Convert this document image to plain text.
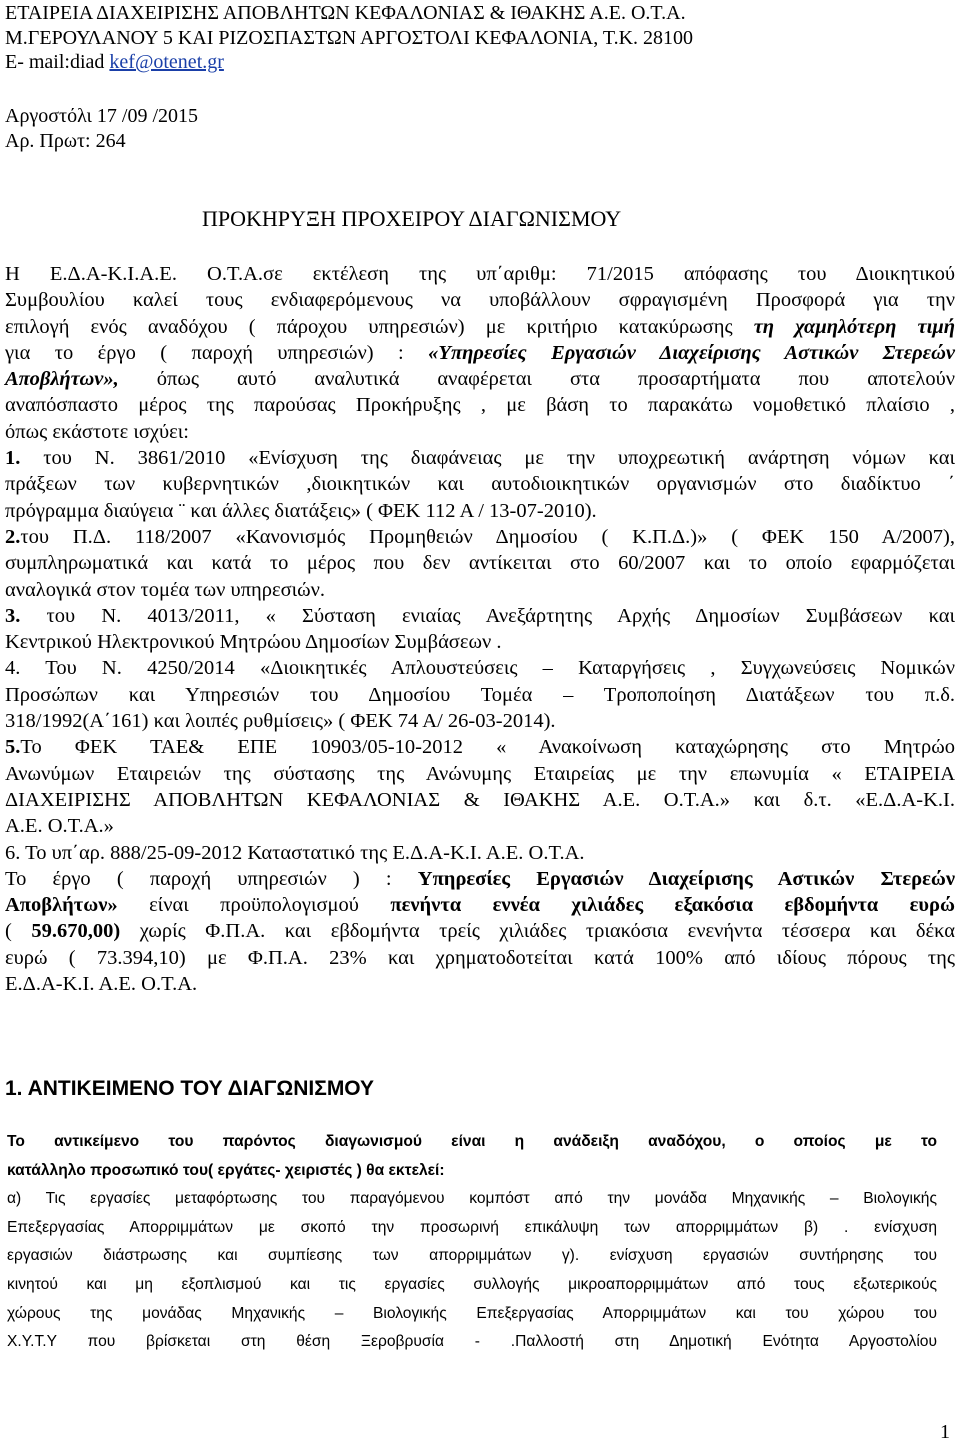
ΕΤΑΙΡΕΙΑ ΔΙΑΧΕΙΡΙΣΗΣ ΑΠΟΒΛΗΤΩΝ ΚΕΦΑΛΟΝΙΑΣ & ΙΘΑΚΗΣ Α.Ε. Ο.Τ.Α.
Μ.ΓΕΡΟΥΛΑΝΟΥ 5 ΚΑΙ ΡΙΖΟΣΠΑΣΤΩΝ ΑΡΓΟΣΤΟΛΙ ΚΕΦΑΛΟΝΙΑ, Τ.Κ. 28100
E- mail:diad kef@otenet.gr
Αργοστόλι 17 /09 /2015
Αρ. Πρωτ: 264
ΠΡΟΚΗΡΥΞΗ ΠΡΟΧΕΙΡΟΥ ΔΙΑΓΩΝΙΣΜΟΥ
Η Ε.Δ.Α-Κ.Ι.Α.Ε. Ο.Τ.Α.σε εκτέλεση της υπ΄αριθμ: 71/2015 απόφασης του Διοικητικού
Συμβουλίου καλεί τους ενδιαφερόμενους να υποβάλλουν σφραγισμένη Προσφορά για την
επιλογή ενός αναδόχου ( πάροχου υπηρεσιών) με κριτήριο κατακύρωσης τη χαμηλότερη τιμή
για το έργο ( παροχή υπηρεσιών) : «Υπηρεσίες Εργασιών Διαχείρισης Αστικών Στερεών
Αποβλήτων», όπως αυτό αναλυτικά αναφέρεται στα προσαρτήματα που αποτελούν
αναπόσπαστο μέρος της παρούσας Προκήρυξης , με βάση το παρακάτω νομοθετικό πλαίσιο ,
όπως εκάστοτε ισχύει:
1. του Ν. 3861/2010 «Ενίσχυση της διαφάνειας με την υποχρεωτική ανάρτηση νόμων και
πράξεων των κυβερνητικών ,διοικητικών και αυτοδιοικητικών οργανισμών στο διαδίκτυο ΄
πρόγραμμα διαύγεια ¨ και άλλες διατάξεις» ( ΦΕΚ 112 Α / 13-07-2010).
2.του Π.Δ. 118/2007 «Κανονισμός Προμηθειών Δημοσίου ( Κ.Π.Δ.)» ( ΦΕΚ 150 Α/2007),
συμπληρωματικά και κατά το μέρος που δεν αντίκειται στο 60/2007 και το οποίο εφαρμόζεται
αναλογικά στον τομέα των υπηρεσιών.
3. του Ν. 4013/2011, « Σύσταση ενιαίας Ανεξάρτητης Αρχής Δημοσίων Συμβάσεων και
Κεντρικού Ηλεκτρονικού Μητρώου Δημοσίων Συμβάσεων .
4. Του Ν. 4250/2014 «Διοικητικές Απλουστεύσεις – Καταργήσεις , Συγχωνεύσεις Νομικών
Προσώπων και Υπηρεσιών του Δημοσίου Τομέα – Τροποποίηση Διατάξεων του π.δ.
318/1992(Α΄161) και λοιπές ρυθμίσεις» ( ΦΕΚ 74 Α/ 26-03-2014).
5.Το ΦΕΚ ΤΑΕ& ΕΠΕ 10903/05-10-2012 « Ανακοίνωση καταχώρησης στο Μητρώο
Ανωνύμων Εταιρειών της σύστασης της Ανώνυμης Εταιρείας με την επωνυμία « ΕΤΑΙΡΕΙΑ
ΔΙΑΧΕΙΡΙΣΗΣ ΑΠΟΒΛΗΤΩΝ ΚΕΦΑΛΟΝΙΑΣ & ΙΘΑΚΗΣ Α.Ε. Ο.Τ.Α.» και δ.τ. «Ε.Δ.Α-Κ.Ι.
Α.Ε. Ο.Τ.Α.»
6. Το υπ΄αρ. 888/25-09-2012 Καταστατικό της Ε.Δ.Α-Κ.Ι. Α.Ε. Ο.Τ.Α.
Το έργο ( παροχή υπηρεσιών ) : Υπηρεσίες Εργασιών Διαχείρισης Αστικών Στερεών
Αποβλήτων» είναι προϋπολογισμού πενήντα εννέα χιλιάδες εξακόσια εβδομήντα ευρώ
( 59.670,00) χωρίς Φ.Π.Α. και εβδομήντα τρείς χιλιάδες τριακόσια ενενήντα τέσσερα και δέκα
ευρώ ( 73.394,10) με Φ.Π.Α. 23% και χρηματοδοτείται κατά 100% από ιδίους πόρους της
Ε.Δ.Α-Κ.Ι. Α.Ε. Ο.Τ.Α.
1. ΑΝΤΙΚΕΙΜΕΝΟ ΤΟΥ ΔΙΑΓΩΝΙΣΜΟΥ
Το αντικείμενο του παρόντος διαγωνισμού είναι η ανάδειξη αναδόχου, ο οποίος με το
κατάλληλο προσωπικό του( εργάτες- χειριστές ) θα εκτελεί:
α) Τις εργασίες μεταφόρτωσης του παραγόμενου κομπόστ από την μονάδα Μηχανικής – Βιολογικής
Επεξεργασίας Απορριμμάτων με σκοπό την προσωρινή επικάλυψη των απορριμμάτων β) . ενίσχυση
εργασιών διάστρωσης και συμπίεσης των απορριμμάτων γ). ενίσχυση εργασιών συντήρησης του
κινητού και μη εξοπλισμού και τις εργασίες συλλογής μικροαπορριμμάτων από τους εξωτερικούς
χώρους της μονάδας Μηχανικής – Βιολογικής Επεξεργασίας Απορριμμάτων και του χώρου του
Χ.Υ.Τ.Υ που βρίσκεται στη θέση Ξεροβρυσία - .Παλλοστή στη Δημοτική Ενότητα Αργοστολίου
1
